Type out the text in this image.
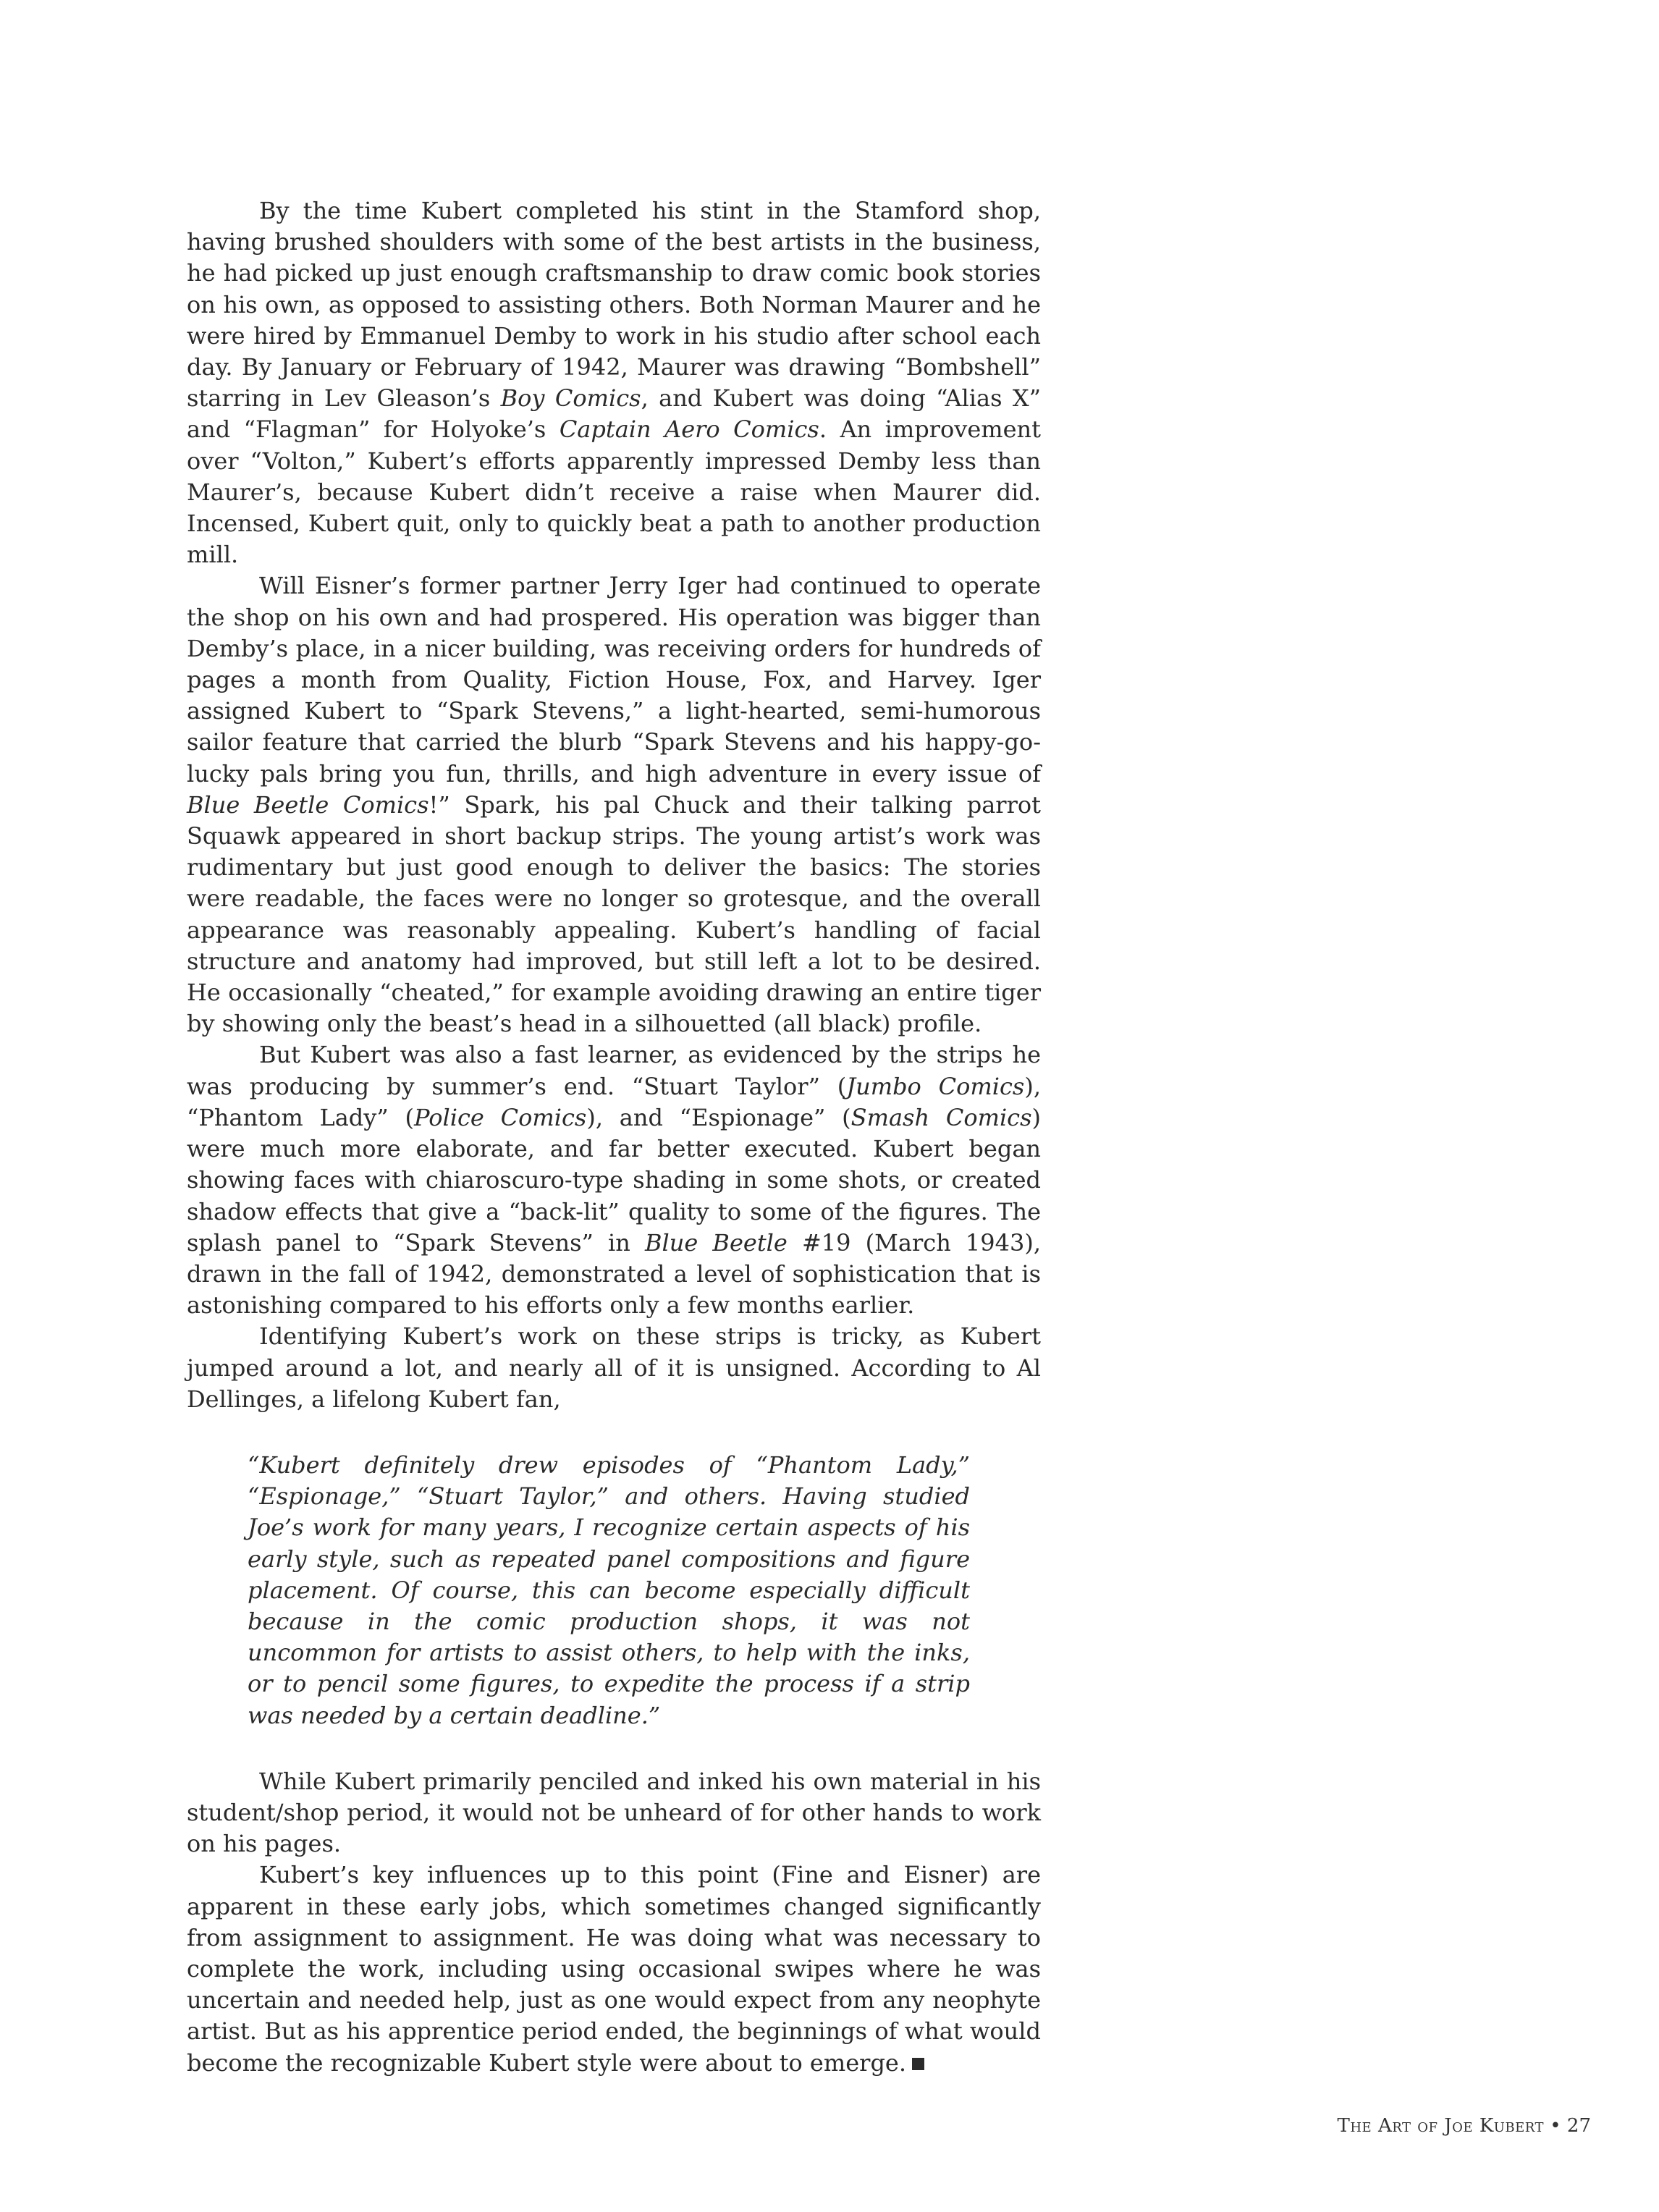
By the time Kubert completed his stint in the Stamford shop, having brushed shoulders with some of the best artists in the business, he had picked up just enough craftsmanship to draw comic book stories on his own, as opposed to assisting others. Both Norman Maurer and he were hired by Emmanuel Demby to work in his studio after school each day. By January or February of 1942, Maurer was drawing “Bombshell” starring in Lev Gleason’s Boy Comics, and Kubert was doing “Alias X” and “Flagman” for Holyoke’s Captain Aero Comics. An improvement over “Volton,” Kubert’s efforts apparently impressed Demby less than Maurer’s, because Kubert didn’t receive a raise when Maurer did. Incensed, Kubert quit, only to quickly beat a path to another production mill.

Will Eisner’s former partner Jerry Iger had continued to operate the shop on his own and had prospered. His operation was bigger than Demby’s place, in a nicer building, was receiving orders for hundreds of pages a month from Quality, Fiction House, Fox, and Harvey. Iger assigned Kubert to “Spark Stevens,” a light-hearted, semi-humorous sailor feature that carried the blurb “Spark Stevens and his happy-go-lucky pals bring you fun, thrills, and high adventure in every issue of Blue Beetle Comics!” Spark, his pal Chuck and their talking parrot Squawk appeared in short backup strips. The young artist’s work was rudimentary but just good enough to deliver the basics: The stories were readable, the faces were no longer so grotesque, and the overall appearance was reasonably appealing. Kubert’s handling of facial structure and anatomy had improved, but still left a lot to be desired. He occasionally “cheated,” for example avoiding drawing an entire tiger by showing only the beast’s head in a silhouetted (all black) profile.

But Kubert was also a fast learner, as evidenced by the strips he was producing by summer’s end. “Stuart Taylor” (Jumbo Comics), “Phantom Lady” (Police Comics), and “Espionage” (Smash Comics) were much more elaborate, and far better executed. Kubert began showing faces with chiaroscuro-type shading in some shots, or created shadow effects that give a “back-lit” quality to some of the figures. The splash panel to “Spark Stevens” in Blue Beetle #19 (March 1943), drawn in the fall of 1942, demonstrated a level of sophistication that is astonishing compared to his efforts only a few months earlier.

Identifying Kubert’s work on these strips is tricky, as Kubert jumped around a lot, and nearly all of it is unsigned. According to Al Dellinges, a lifelong Kubert fan,

“Kubert definitely drew episodes of “Phantom Lady,” “Espionage,” “Stuart Taylor,” and others. Having studied Joe’s work for many years, I recognize certain aspects of his early style, such as repeated panel compositions and figure placement. Of course, this can become especially difficult because in the comic production shops, it was not uncommon for artists to assist others, to help with the inks, or to pencil some figures, to expedite the process if a strip was needed by a certain deadline.”

While Kubert primarily penciled and inked his own material in his student/shop period, it would not be unheard of for other hands to work on his pages.

Kubert’s key influences up to this point (Fine and Eisner) are apparent in these early jobs, which sometimes changed significantly from assignment to assignment. He was doing what was necessary to complete the work, including using occasional swipes where he was uncertain and needed help, just as one would expect from any neophyte artist. But as his apprentice period ended, the beginnings of what would become the recognizable Kubert style were about to emerge.

The Art of Joe Kubert • 27
